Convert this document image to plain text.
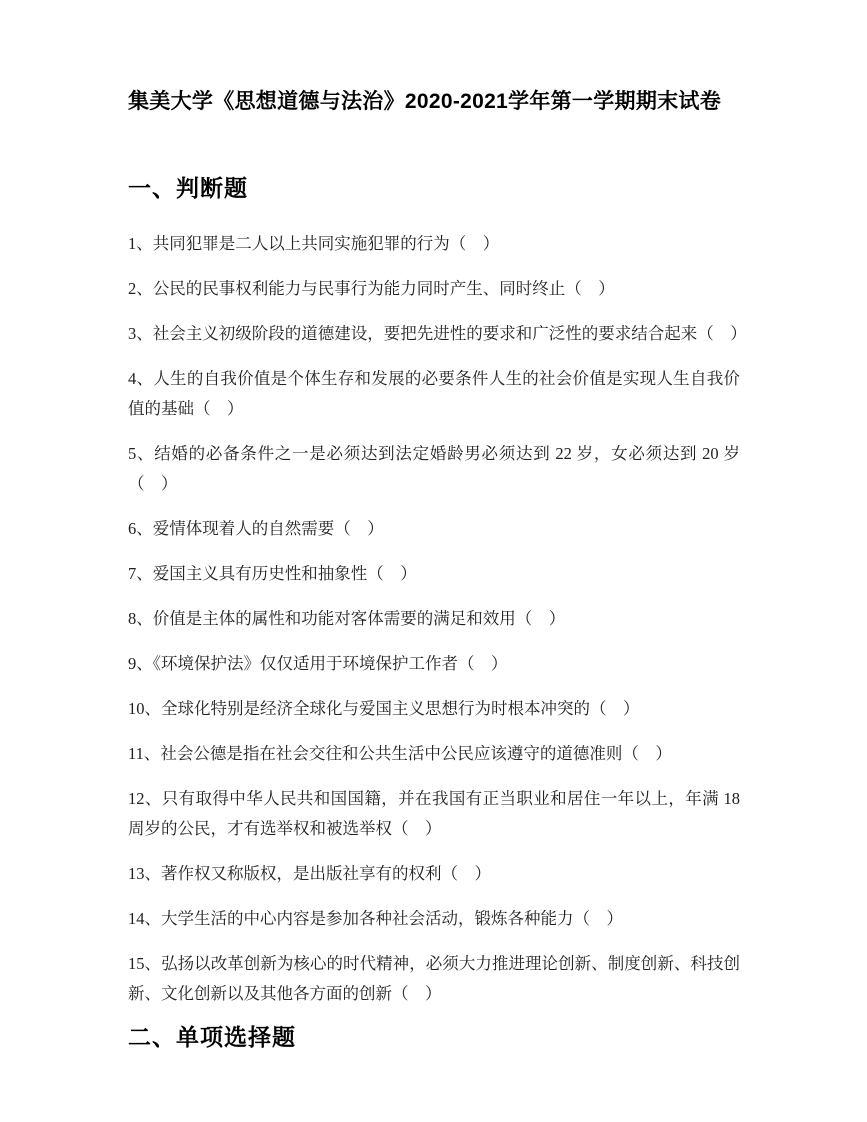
集美大学《思想道德与法治》2020-2021学年第一学期期末试卷
一、判断题

1、共同犯罪是二人以上共同实施犯罪的行为（　）

2、公民的民事权利能力与民事行为能力同时产生、同时终止（　）

3、社会主义初级阶段的道德建设，要把先进性的要求和广泛性的要求结合起来（　）

4、人生的自我价值是个体生存和发展的必要条件人生的社会价值是实现人生自我价值的基础（　）

5、结婚的必备条件之一是必须达到法定婚龄男必须达到 22 岁，女必须达到 20 岁（　）

6、爱情体现着人的自然需要（　）

7、爱国主义具有历史性和抽象性（　）

8、价值是主体的属性和功能对客体需要的满足和效用（　）

9、《环境保护法》仅仅适用于环境保护工作者（　）

10、全球化特别是经济全球化与爱国主义思想行为时根本冲突的（　）

11、社会公德是指在社会交往和公共生活中公民应该遵守的道德准则（　）

12、只有取得中华人民共和国国籍，并在我国有正当职业和居住一年以上，年满 18 周岁的公民，才有选举权和被选举权（　）

13、著作权又称版权，是出版社享有的权利（　）

14、大学生活的中心内容是参加各种社会活动，锻炼各种能力（　）

15、弘扬以改革创新为核心的时代精神，必须大力推进理论创新、制度创新、科技创新、文化创新以及其他各方面的创新（　）

二、单项选择题
